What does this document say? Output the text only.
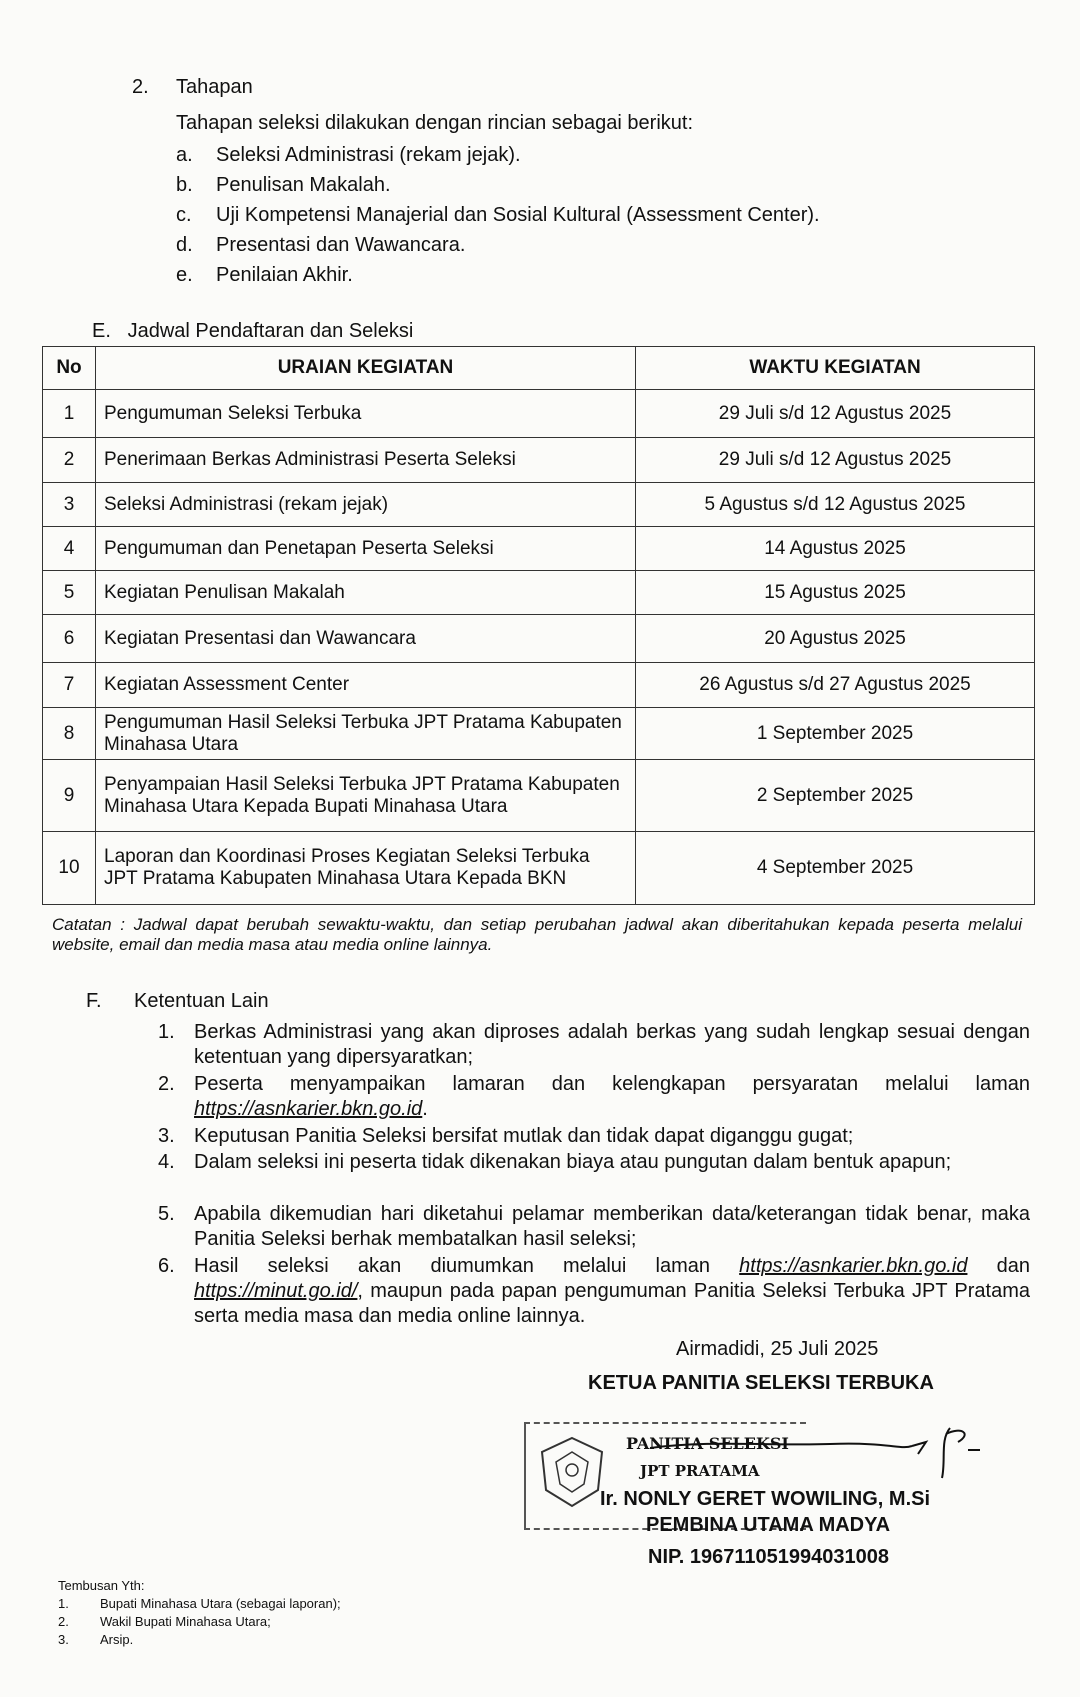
2. Tahapan
Tahapan seleksi dilakukan dengan rincian sebagai berikut:
a. Seleksi Administrasi (rekam jejak).
b. Penulisan Makalah.
c. Uji Kompetensi Manajerial dan Sosial Kultural (Assessment Center).
d. Presentasi dan Wawancara.
e. Penilaian Akhir.
E.   Jadwal Pendaftaran dan Seleksi
No	URAIAN KEGIATAN	WAKTU KEGIATAN
1	Pengumuman Seleksi Terbuka	29 Juli s/d 12 Agustus 2025
2	Penerimaan Berkas Administrasi Peserta Seleksi	29 Juli s/d 12 Agustus 2025
3	Seleksi Administrasi (rekam jejak)	5 Agustus s/d 12 Agustus 2025
4	Pengumuman dan Penetapan Peserta Seleksi	14 Agustus 2025
5	Kegiatan Penulisan Makalah	15 Agustus 2025
6	Kegiatan Presentasi dan Wawancara	20 Agustus 2025
7	Kegiatan Assessment Center	26 Agustus s/d 27 Agustus 2025
8	Pengumuman Hasil Seleksi Terbuka JPT Pratama Kabupaten Minahasa Utara	1 September 2025
9	Penyampaian Hasil Seleksi Terbuka JPT Pratama Kabupaten Minahasa Utara Kepada Bupati Minahasa Utara	2 September 2025
10	Laporan dan Koordinasi Proses Kegiatan Seleksi Terbuka JPT Pratama Kabupaten Minahasa Utara Kepada BKN	4 September 2025
Catatan : Jadwal dapat berubah sewaktu-waktu, dan setiap perubahan jadwal akan diberitahukan kepada peserta melalui website, email dan media masa atau media online lainnya.
F. Ketentuan Lain
1. Berkas Administrasi yang akan diproses adalah berkas yang sudah lengkap sesuai dengan ketentuan yang dipersyaratkan;
2. Peserta menyampaikan lamaran dan kelengkapan persyaratan melalui laman https://asnkarier.bkn.go.id.
3. Keputusan Panitia Seleksi bersifat mutlak dan tidak dapat diganggu gugat;
4. Dalam seleksi ini peserta tidak dikenakan biaya atau pungutan dalam bentuk apapun;
5. Apabila dikemudian hari diketahui pelamar memberikan data/keterangan tidak benar, maka Panitia Seleksi berhak membatalkan hasil seleksi;
6. Hasil seleksi akan diumumkan melalui laman https://asnkarier.bkn.go.id dan https://minut.go.id/, maupun pada papan pengumuman Panitia Seleksi Terbuka JPT Pratama serta media masa dan media online lainnya.
Airmadidi, 25 Juli 2025
KETUA PANITIA SELEKSI TERBUKA
PANITIA SELEKSI
JPT PRATAMA
Ir. NONLY GERET WOWILING, M.Si
PEMBINA UTAMA MADYA
NIP. 196711051994031008
Tembusan Yth:
1. Bupati Minahasa Utara (sebagai laporan);
2. Wakil Bupati Minahasa Utara;
3. Arsip.
